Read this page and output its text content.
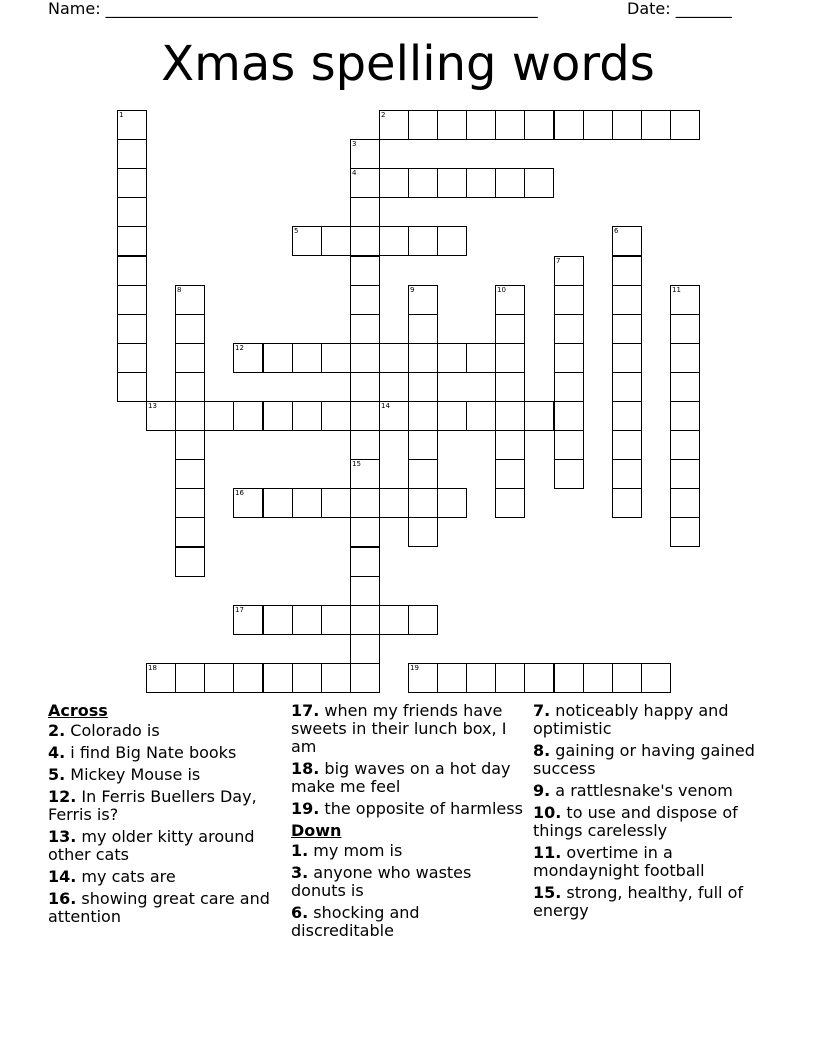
Name: ______________________________________________________

	Date: _______

Xmas spelling words
2
4
5
12
13	14
16
17
18	19
1
3
15
6
7
8	9	10	11
Across
2. Colorado is
4. i find Big Nate books
5. Mickey Mouse is
12. In Ferris Buellers Day, Ferris is?
13. my older kitty around other cats
14. my cats are
16. showing great care and attention
17. when my friends have sweets in their lunch box, I am
18. big waves on a hot day make me feel
19. the opposite of harmless
Down
1. my mom is
3. anyone who wastes donuts is
6. shocking and discreditable
7. noticeably happy and optimistic
8. gaining or having gained success
9. a rattlesnake's venom
10. to use and dispose of things carelessly
11. overtime in a mondaynight football
15. strong, healthy, full of energy
